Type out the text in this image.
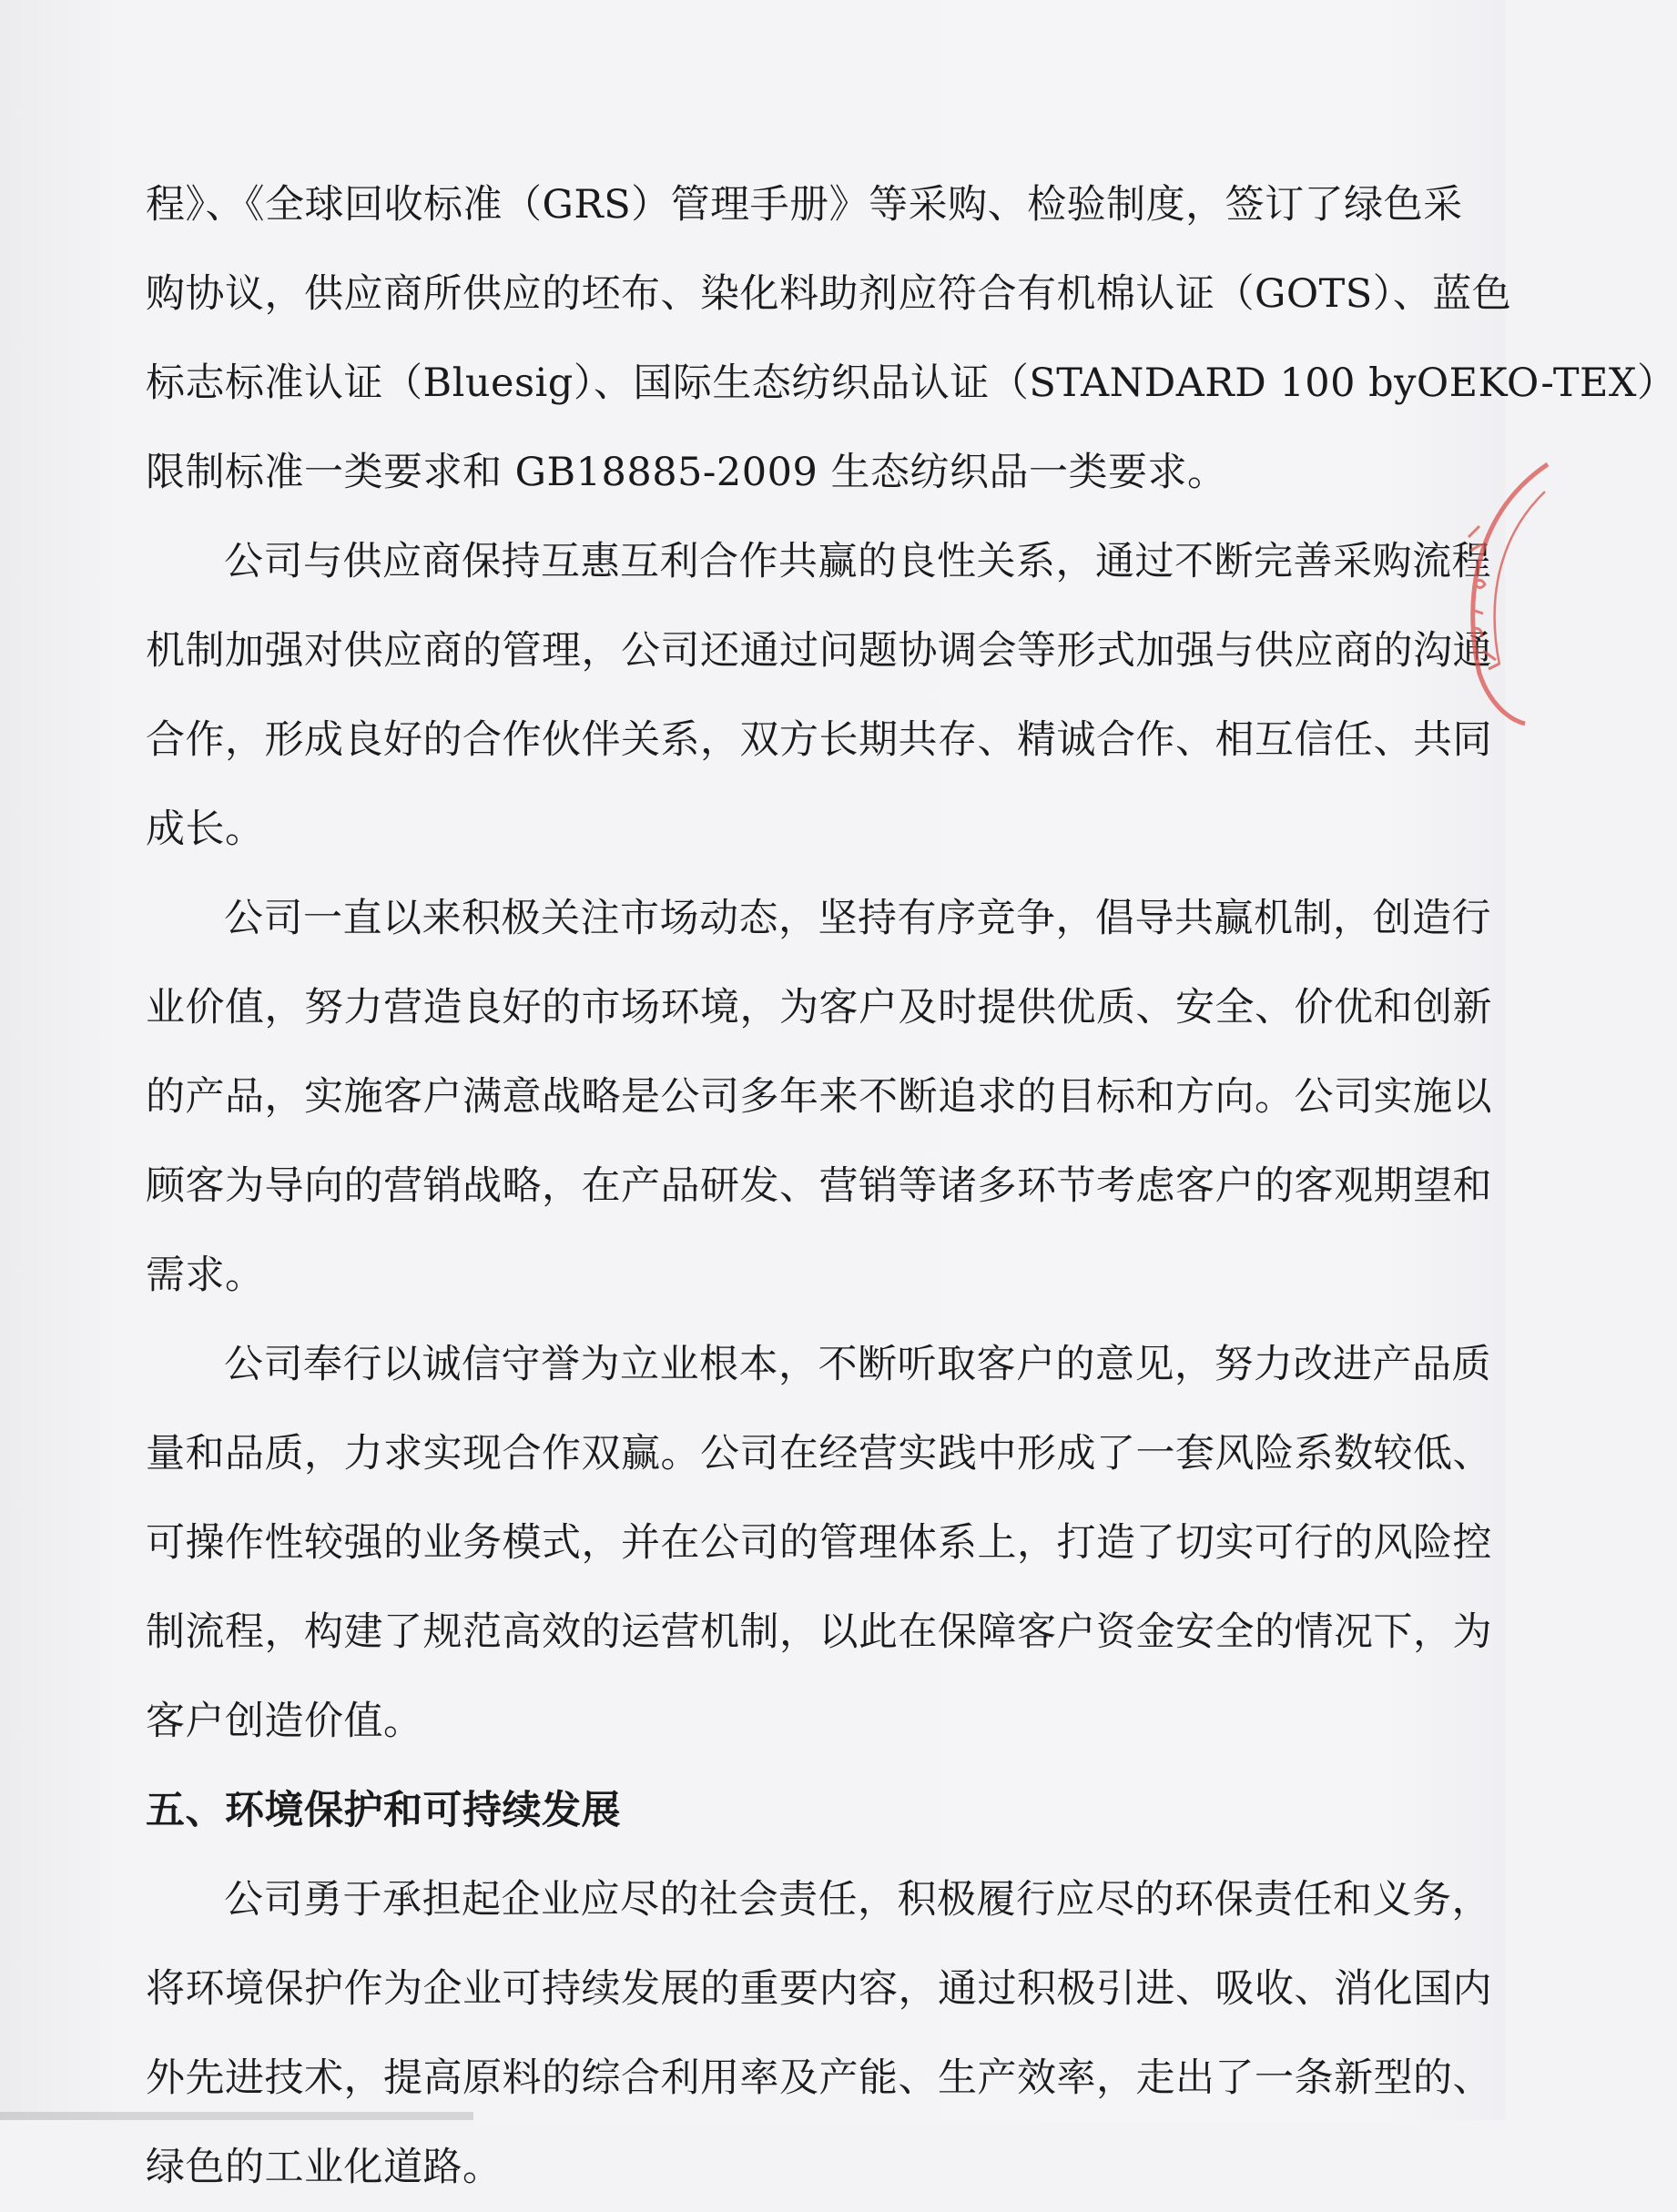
程》、《全球回收标准（GRS）管理手册》等采购、检验制度，签订了绿色采
购协议，供应商所供应的坯布、染化料助剂应符合有机棉认证（GOTS）、蓝色
标志标准认证（Bluesig）、国际生态纺织品认证（STANDARD 100 byOEKO-TEX）
限制标准一类要求和 GB18885-2009 生态纺织品一类要求。
公司与供应商保持互惠互利合作共赢的良性关系，通过不断完善采购流程
机制加强对供应商的管理，公司还通过问题协调会等形式加强与供应商的沟通
合作，形成良好的合作伙伴关系，双方长期共存、精诚合作、相互信任、共同
成长。
公司一直以来积极关注市场动态，坚持有序竞争，倡导共赢机制，创造行
业价值，努力营造良好的市场环境，为客户及时提供优质、安全、价优和创新
的产品，实施客户满意战略是公司多年来不断追求的目标和方向。公司实施以
顾客为导向的营销战略，在产品研发、营销等诸多环节考虑客户的客观期望和
需求。
公司奉行以诚信守誉为立业根本，不断听取客户的意见，努力改进产品质
量和品质，力求实现合作双赢。公司在经营实践中形成了一套风险系数较低、
可操作性较强的业务模式，并在公司的管理体系上，打造了切实可行的风险控
制流程，构建了规范高效的运营机制，以此在保障客户资金安全的情况下，为
客户创造价值。
五、环境保护和可持续发展
公司勇于承担起企业应尽的社会责任，积极履行应尽的环保责任和义务，
将环境保护作为企业可持续发展的重要内容，通过积极引进、吸收、消化国内
外先进技术，提高原料的综合利用率及产能、生产效率，走出了一条新型的、
绿色的工业化道路。
